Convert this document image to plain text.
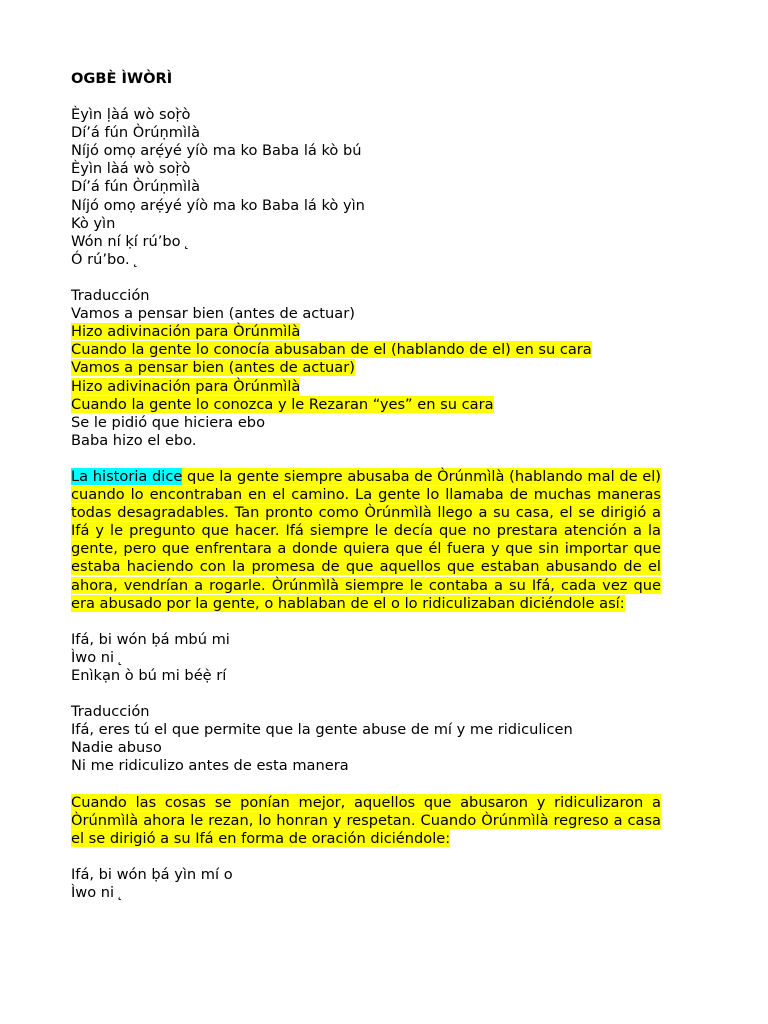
OGBÈ ÌWÒRÌ
Èyìn ḷàá wò soṛ̀ò
Dí’á fún Òrúṇmìlà
Níjó omọ arẹ́yé yíò ma ko Baba lá kò bú
Èyìn làá wò soṛ̀ò
Dí’á fún Òrúṇmìlà
Níjó omọ arẹ́yé yíò ma ko Baba lá kò yìn
Kò yìn
Wón ní ḳí rú’bo  ̨
Ó rú’bo.  ̨
Traducción
Vamos a pensar bien (antes de actuar)
Hizo adivinación para Òrúnmìlà
Cuando la gente lo conocía abusaban de el (hablando de el) en su cara
Vamos a pensar bien (antes de actuar)
Hizo adivinación para Òrúnmìlà
Cuando la gente lo conozca y le Rezaran “yes” en su cara
Se le pidió que hiciera ebo
Baba hizo el ebo.
La historia dice que la gente siempre abusaba de Òrúnmìlà (hablando mal de el) cuando lo encontraban en el camino. La gente lo llamaba de muchas maneras todas desagradables. Tan pronto como Òrúnmìlà llego a su casa, el se dirigió a Ifá y le pregunto que hacer. Ifá siempre le decía que no prestara atención a la gente, pero que enfrentara a donde quiera que él fuera y que sin importar que estaba haciendo con la promesa de que aquellos que estaban abusando de el ahora, vendrían a rogarle. Òrúnmìlà siempre le contaba a su Ifá, cada vez que era abusado por la gente, o hablaban de el o lo ridiculizaban diciéndole así:
Ifá, bi wón ḅá mbú mi
Ìwo ni  ̨
Enìkạn ò bú mi béẹ̀ rí
Traducción
Ifá, eres tú el que permite que la gente abuse de mí y me ridiculicen
Nadie abuso
Ni me ridiculizo antes de esta manera
Cuando las cosas se ponían mejor, aquellos que abusaron y ridiculizaron a Òrúnmìlà ahora le rezan, lo honran y respetan. Cuando Òrúnmìlà regreso a casa el se dirigió a su Ifá en forma de oración diciéndole:
Ifá, bi wón ḅá yìn mí o
Ìwo ni  ̨
